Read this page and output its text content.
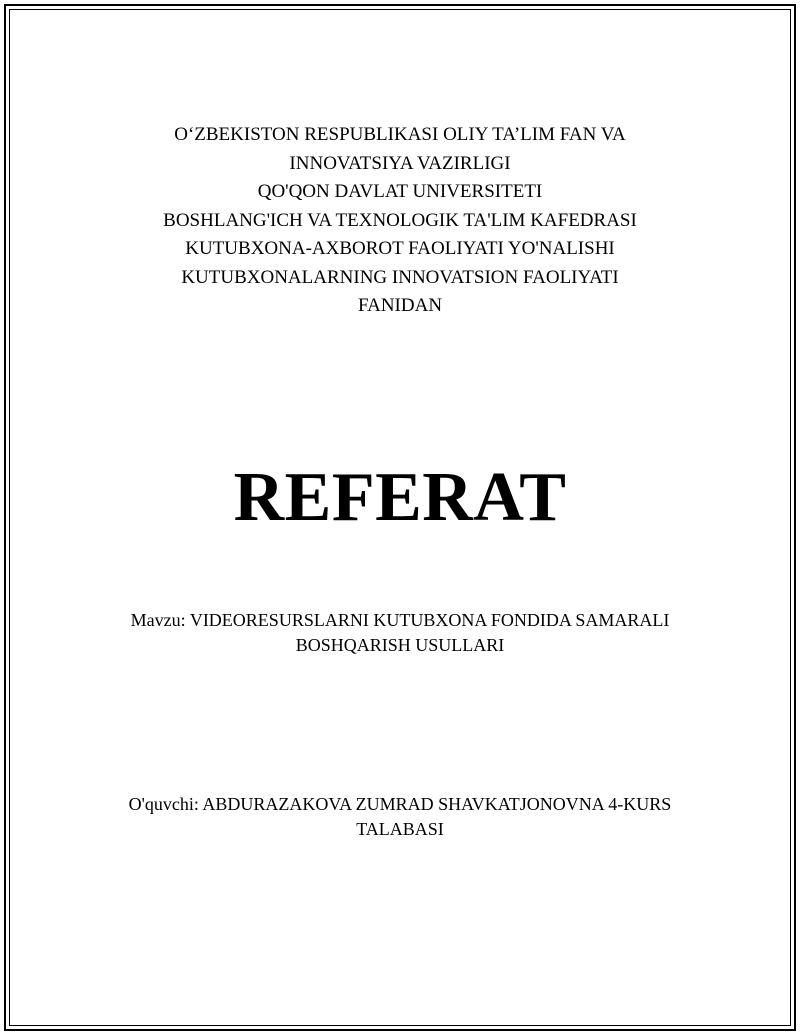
O‘ZBEKISTON RESPUBLIKASI OLIY TA’LIM FAN VA
INNOVATSIYA VAZIRLIGI
QO'QON DAVLAT UNIVERSITETI
BOSHLANG'ICH VA TEXNOLOGIK TA'LIM KAFEDRASI
KUTUBXONA-AXBOROT FAOLIYATI YO'NALISHI
KUTUBXONALARNING INNOVATSION FAOLIYATI
FANIDAN
REFERAT
Mavzu: VIDEORESURSLARNI KUTUBXONA FONDIDA SAMARALI
BOSHQARISH USULLARI
O'quvchi: ABDURAZAKOVA ZUMRAD SHAVKATJONOVNA 4-KURS
TALABASI
